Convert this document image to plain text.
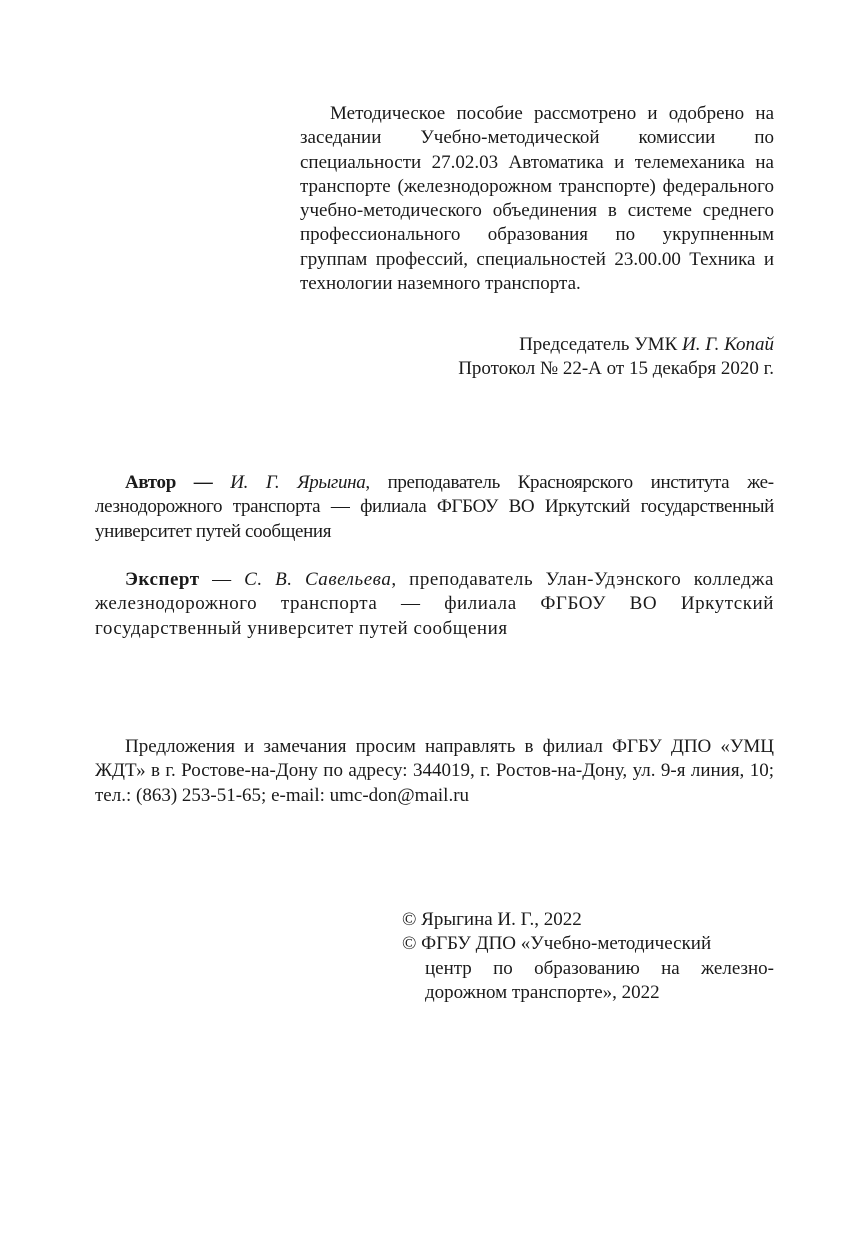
Методическое пособие рассмотрено и одобрено на заседании Учебно-методической комиссии по специальности 27.02.03 Автоматика и телемеханика на транспорте (железнодорожном транспорте) федерального учебно-методического объединения в системе среднего профессионального образования по укрупненным группам профессий, специальностей 23.00.00 Техника и технологии наземного транспорта.

Председатель УМК И. Г. Копай
Протокол № 22-А от 15 декабря 2020 г.

Автор — И. Г. Ярыгина, преподаватель Красноярского института железнодорожного транспорта — филиала ФГБОУ ВО Иркутский государственный университет путей сообщения

Эксперт — С. В. Савельева, преподаватель Улан-Удэнского колледжа железнодорожного транспорта — филиала ФГБОУ ВО Иркутский государственный университет путей сообщения

Предложения и замечания просим направлять в филиал ФГБУ ДПО «УМЦ ЖДТ» в г. Ростове-на-Дону по адресу: 344019, г. Ростов-на-Дону, ул. 9-я линия, 10; тел.: (863) 253-51-65; e-mail: umc-don@mail.ru

© Ярыгина И. Г., 2022
© ФГБУ ДПО «Учебно-методический
центр по образованию на железнодорожном транспорте», 2022
